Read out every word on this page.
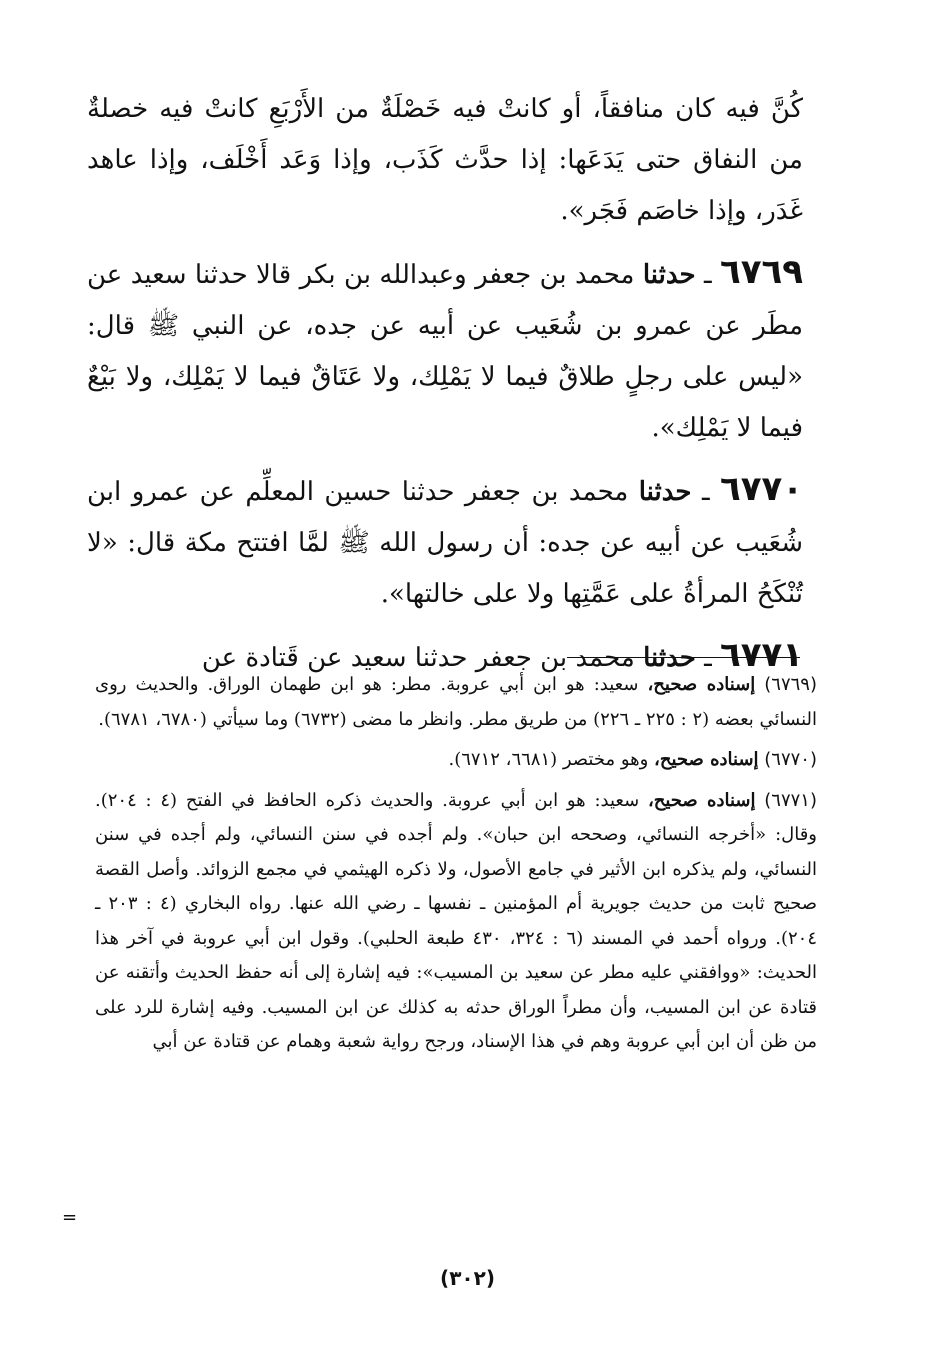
كُنَّ فيه كان منافقاً، أو كانتْ فيه خَصْلَةٌ من الأَرْبَعِ كانتْ فيه خصلةٌ من النفاق حتى يَدَعَها: إذا حدَّث كَذَب، وإذا وَعَد أَخْلَف، وإذا عاهد غَدَر، وإذا خاصَم فَجَر».

٦٧٦٩ ـ حدثنا محمد بن جعفر وعبدالله بن بكر قالا حدثنا سعيد عن مطَر عن عمرو بن شُعَيب عن أبيه عن جده، عن النبي ﷺ قال: «ليس على رجلٍ طلاقٌ فيما لا يَمْلِك، ولا عَتَاقٌ فيما لا يَمْلِك، ولا بَيْعٌ فيما لا يَمْلِك».

٦٧٧٠ ـ حدثنا محمد بن جعفر حدثنا حسين المعلِّم عن عمرو ابن شُعَيب عن أبيه عن جده: أن رسول الله ﷺ لمَّا افتتح مكة قال: «لا تُنْكَحُ المرأةُ على عَمَّتِها ولا على خالتها».

٦٧٧١ ـ حدثنا محمد بن جعفر حدثنا سعيد عن قَتادة عن

(٦٧٦٩) إسناده صحيح، سعيد: هو ابن أبي عروبة. مطر: هو ابن طهمان الوراق. والحديث روى النسائي بعضه (٢ : ٢٢٥ ـ ٢٢٦) من طريق مطر. وانظر ما مضى (٦٧٣٢) وما سيأتي (٦٧٨٠، ٦٧٨١).

(٦٧٧٠) إسناده صحيح، وهو مختصر (٦٦٨١، ٦٧١٢).

(٦٧٧١) إسناده صحيح، سعيد: هو ابن أبي عروبة. والحديث ذكره الحافظ في الفتح (٤ : ٢٠٤). وقال: «أخرجه النسائي، وصححه ابن حبان». ولم أجده في سنن النسائي، ولم أجده في سنن النسائي، ولم يذكره ابن الأثير في جامع الأصول، ولا ذكره الهيثمي في مجمع الزوائد. وأصل القصة صحيح ثابت من حديث جويرية أم المؤمنين ـ نفسها ـ رضي الله عنها. رواه البخاري (٤ : ٢٠٣ ـ ٢٠٤). ورواه أحمد في المسند (٦ : ٣٢٤، ٤٣٠ طبعة الحلبي). وقول ابن أبي عروبة في آخر هذا الحديث: «ووافقني عليه مطر عن سعيد بن المسيب»: فيه إشارة إلى أنه حفظ الحديث وأتقنه عن قتادة عن ابن المسيب، وأن مطراً الوراق حدثه به كذلك عن ابن المسيب. وفيه إشارة للرد على من ظن أن ابن أبي عروبة وهم في هذا الإسناد، ورجح رواية شعبة وهمام عن قتادة عن أبي

=
(٣٠٢)
